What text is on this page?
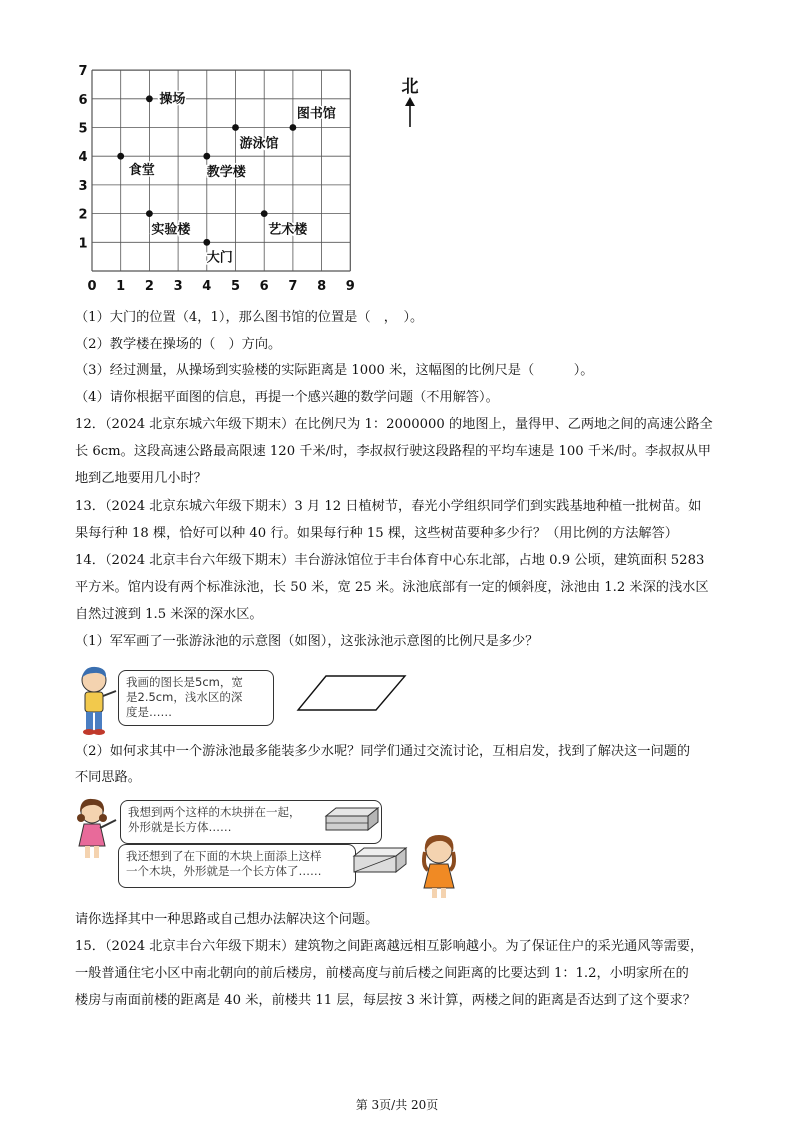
0 1 2 3 4 5 6 7 8 9
1
2
3
4
5
6
7
操场
图书馆
游泳馆
食堂	教学楼
实验楼	艺术楼
大门
北
（1）大门的位置（4，1），那么图书馆的位置是（　，　）。
（2）教学楼在操场的（　）方向。
（3）经过测量，从操场到实验楼的实际距离是 1000 米，这幅图的比例尺是（　　　）。
（4）请你根据平面图的信息，再提一个感兴趣的数学问题（不用解答）。
12．（2024 北京东城六年级下期末）在比例尺为 1：2000000 的地图上，量得甲、乙两地之间的高速公路全
长 6cm。这段高速公路最高限速 120 千米/时，李叔叔行驶这段路程的平均车速是 100 千米/时。李叔叔从甲
地到乙地要用几小时？
13．（2024 北京东城六年级下期末）3 月 12 日植树节，春光小学组织同学们到实践基地种植一批树苗。如
果每行种 18 棵，恰好可以种 40 行。如果每行种 15 棵，这些树苗要种多少行？（用比例的方法解答）
14．（2024 北京丰台六年级下期末）丰台游泳馆位于丰台体育中心东北部，占地 0.9 公顷，建筑面积 5283
平方米。馆内设有两个标准泳池，长 50 米，宽 25 米。泳池底部有一定的倾斜度，泳池由 1.2 米深的浅水区
自然过渡到 1.5 米深的深水区。
（1）军军画了一张游泳池的示意图（如图），这张泳池示意图的比例尺是多少？
我画的图长是5cm，宽
是2.5cm，浅水区的深
度是……
（2）如何求其中一个游泳池最多能装多少水呢？同学们通过交流讨论，互相启发，找到了解决这一问题的
不同思路。
我想到两个这样的木块拼在一起，
外形就是长方体……
我还想到了在下面的木块上面添上这样
一个木块，外形就是一个长方体了……
请你选择其中一种思路或自己想办法解决这个问题。
15．（2024 北京丰台六年级下期末）建筑物之间距离越远相互影响越小。为了保证住户的采光通风等需要，
一般普通住宅小区中南北朝向的前后楼房，前楼高度与前后楼之间距离的比要达到 1：1.2，小明家所在的
楼房与南面前楼的距离是 40 米，前楼共 11 层，每层按 3 米计算，两楼之间的距离是否达到了这个要求？
第 3页/共 20页
